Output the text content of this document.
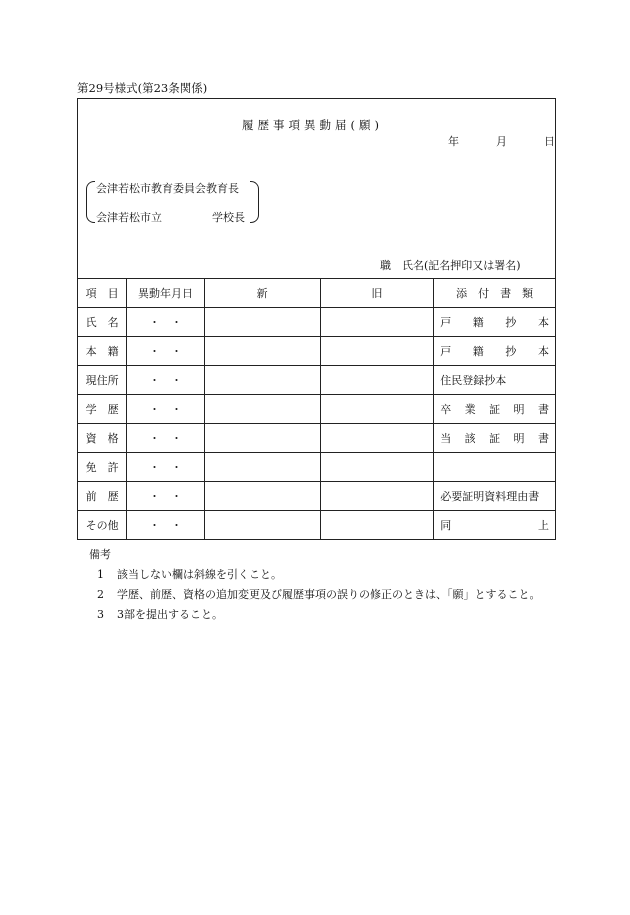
第29号様式(第23条関係)
履歴事項異動届(願)
年	月	日
会津若松市教育委員会教育長
会津若松市立	学校長
職　氏名(記名押印又は署名)
項　目	異動年月日	新	旧	添　付　書　類
氏　名	・　・			戸 籍 抄 本

本　籍	・　・			戸 籍 抄 本

現住所	・　・			住民登録抄本

学　歴	・　・			卒 業 証 明 書

資　格	・　・			当 該 証 明 書

免　許	・　・			

前　歴	・　・			必要証明資料理由書

その他	・　・			同 上
備考
1	該当しない欄は斜線を引くこと。
2	学歴、前歴、資格の追加変更及び履歴事項の誤りの修正のときは、「願」とすること。
3	3部を提出すること。
